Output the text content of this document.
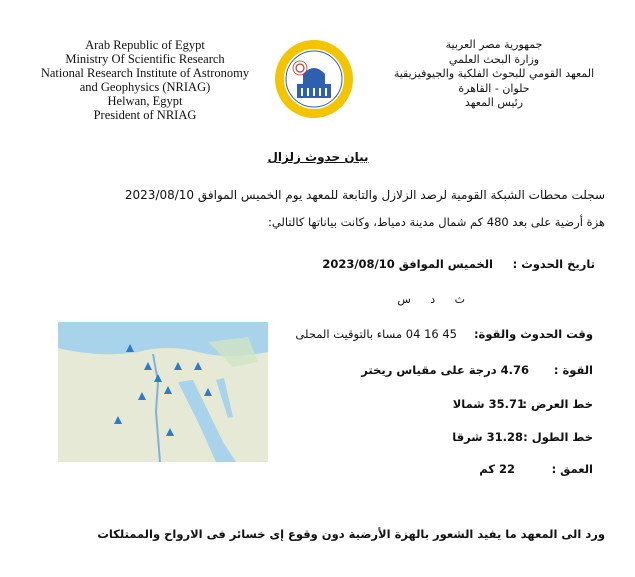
Arab Republic of Egypt
Ministry Of Scientific Research
National Research Institute of Astronomy
and Geophysics (NRIAG)
Helwan, Egypt
President of NRIAG
جمهورية مصر العربية
وزارة البحث العلمي
المعهد القومي للبحوث الفلكية والجيوفيزيقية
حلوان - القاهرة
رئيس المعهد
بيان حدوث زلزال
سجلت محطات الشبكة القومية لرصد الزلازل والتابعة للمعهد يوم الخميس الموافق 2023/08/10
هزة أرضية على بعد 480 كم شمال مدينة دمياط، وكانت بياناتها كالتالي:
تاريخ الحدوث :
الخميس الموافق 2023/08/10
ث د س
وقت الحدوث والقوة:
45 16 04 مساء بالتوقيت المحلى
القوة :
4.76 درجة على مقياس ريختر
خط العرض :
35.71 شمالا
خط الطول :
31.28 شرقا
العمق :
22 كم
ورد الى المعهد ما يفيد الشعور بالهزة الأرضية دون وقوع إى خسائر فى الارواح والممتلكات
